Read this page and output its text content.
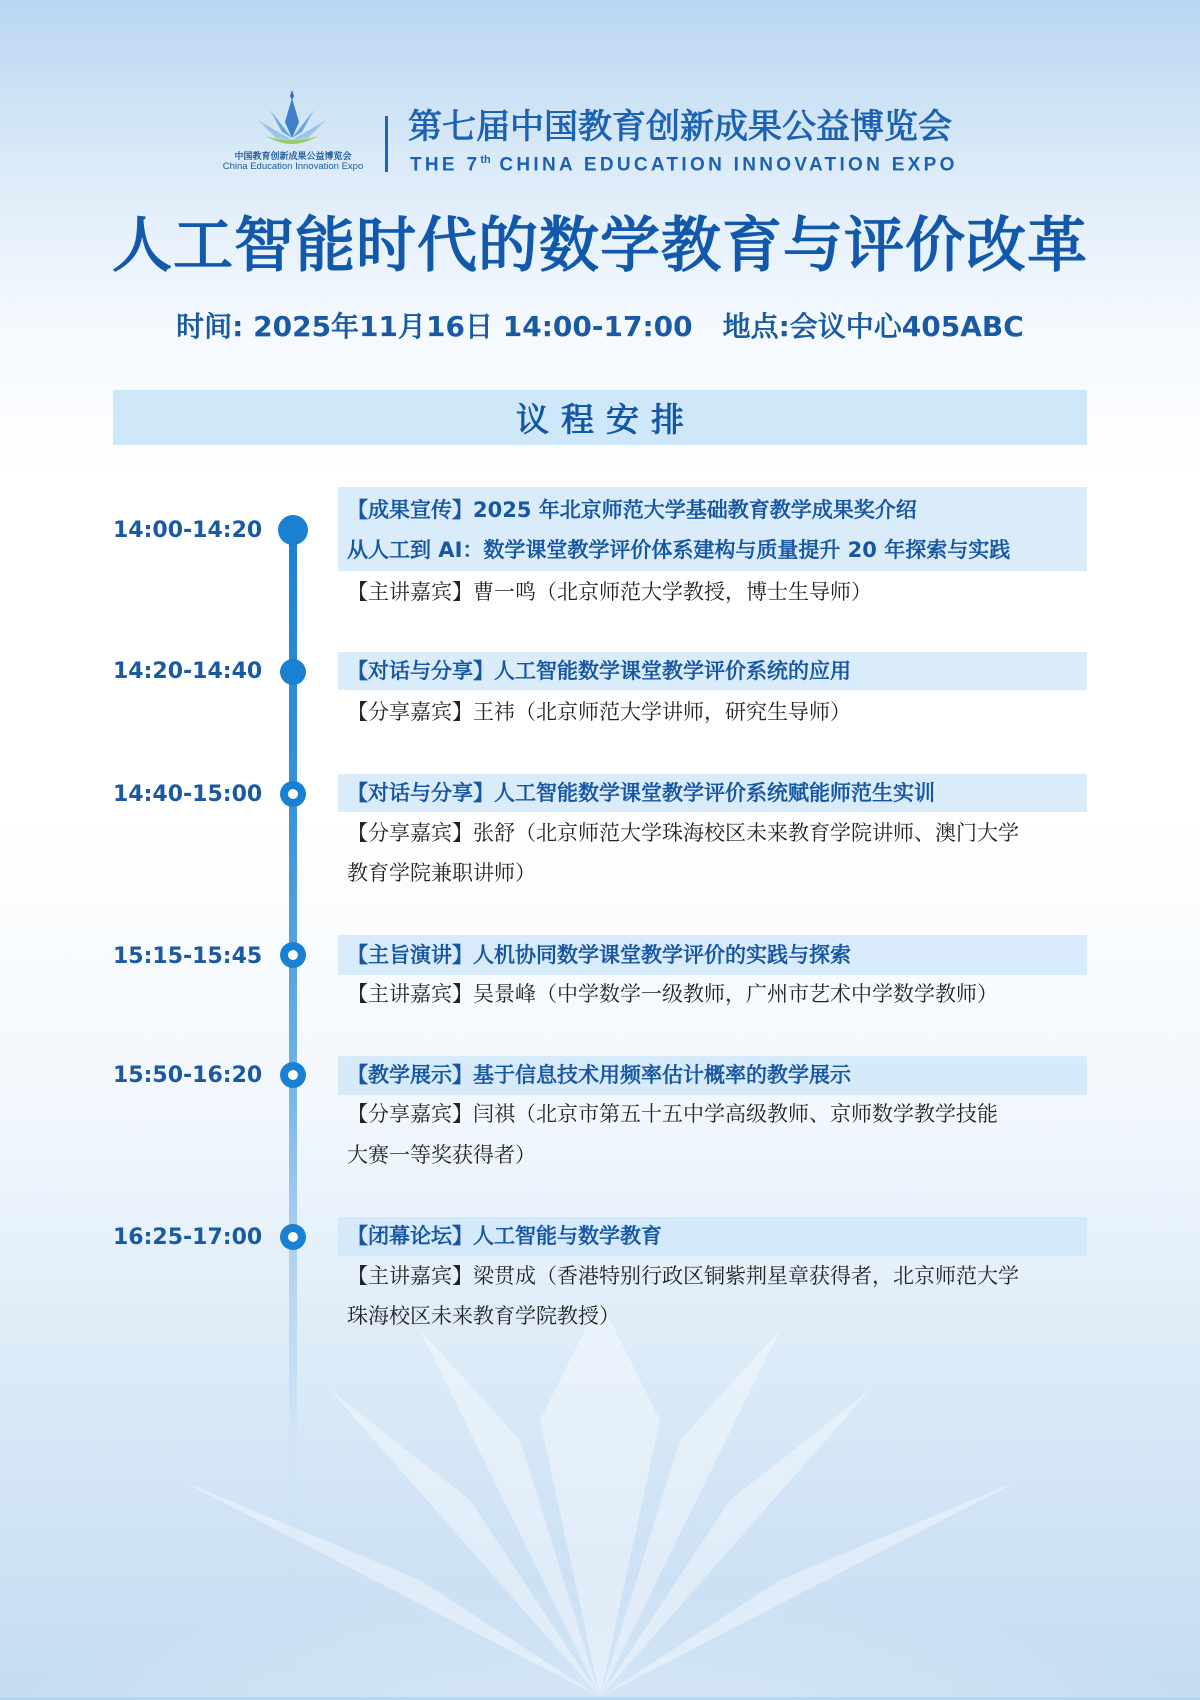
中国教育创新成果公益博览会
China Education Innovation Expo
第七届中国教育创新成果公益博览会
THE 7th CHINA EDUCATION INNOVATION EXPO
人工智能时代的数学教育与评价改革
时间: 2025年11月16日 14:00-17:00 地点:会议中心405ABC
议程安排
14:00-14:20
【成果宣传】2025 年北京师范大学基础教育教学成果奖介绍
从人工到 AI：数学课堂教学评价体系建构与质量提升 20 年探索与实践
【主讲嘉宾】曹一鸣（北京师范大学教授，博士生导师）
14:20-14:40	【对话与分享】人工智能数学课堂教学评价系统的应用
【分享嘉宾】王祎（北京师范大学讲师，研究生导师）
14:40-15:00	【对话与分享】人工智能数学课堂教学评价系统赋能师范生实训
【分享嘉宾】张舒（北京师范大学珠海校区未来教育学院讲师、澳门大学
教育学院兼职讲师）
15:15-15:45	【主旨演讲】人机协同数学课堂教学评价的实践与探索
【主讲嘉宾】吴景峰（中学数学一级教师，广州市艺术中学数学教师）
15:50-16:20	【教学展示】基于信息技术用频率估计概率的教学展示
【分享嘉宾】闫祺（北京市第五十五中学高级教师、京师数学教学技能
大赛一等奖获得者）
16:25-17:00	【闭幕论坛】人工智能与数学教育
【主讲嘉宾】梁贯成（香港特别行政区铜紫荆星章获得者，北京师范大学
珠海校区未来教育学院教授）
